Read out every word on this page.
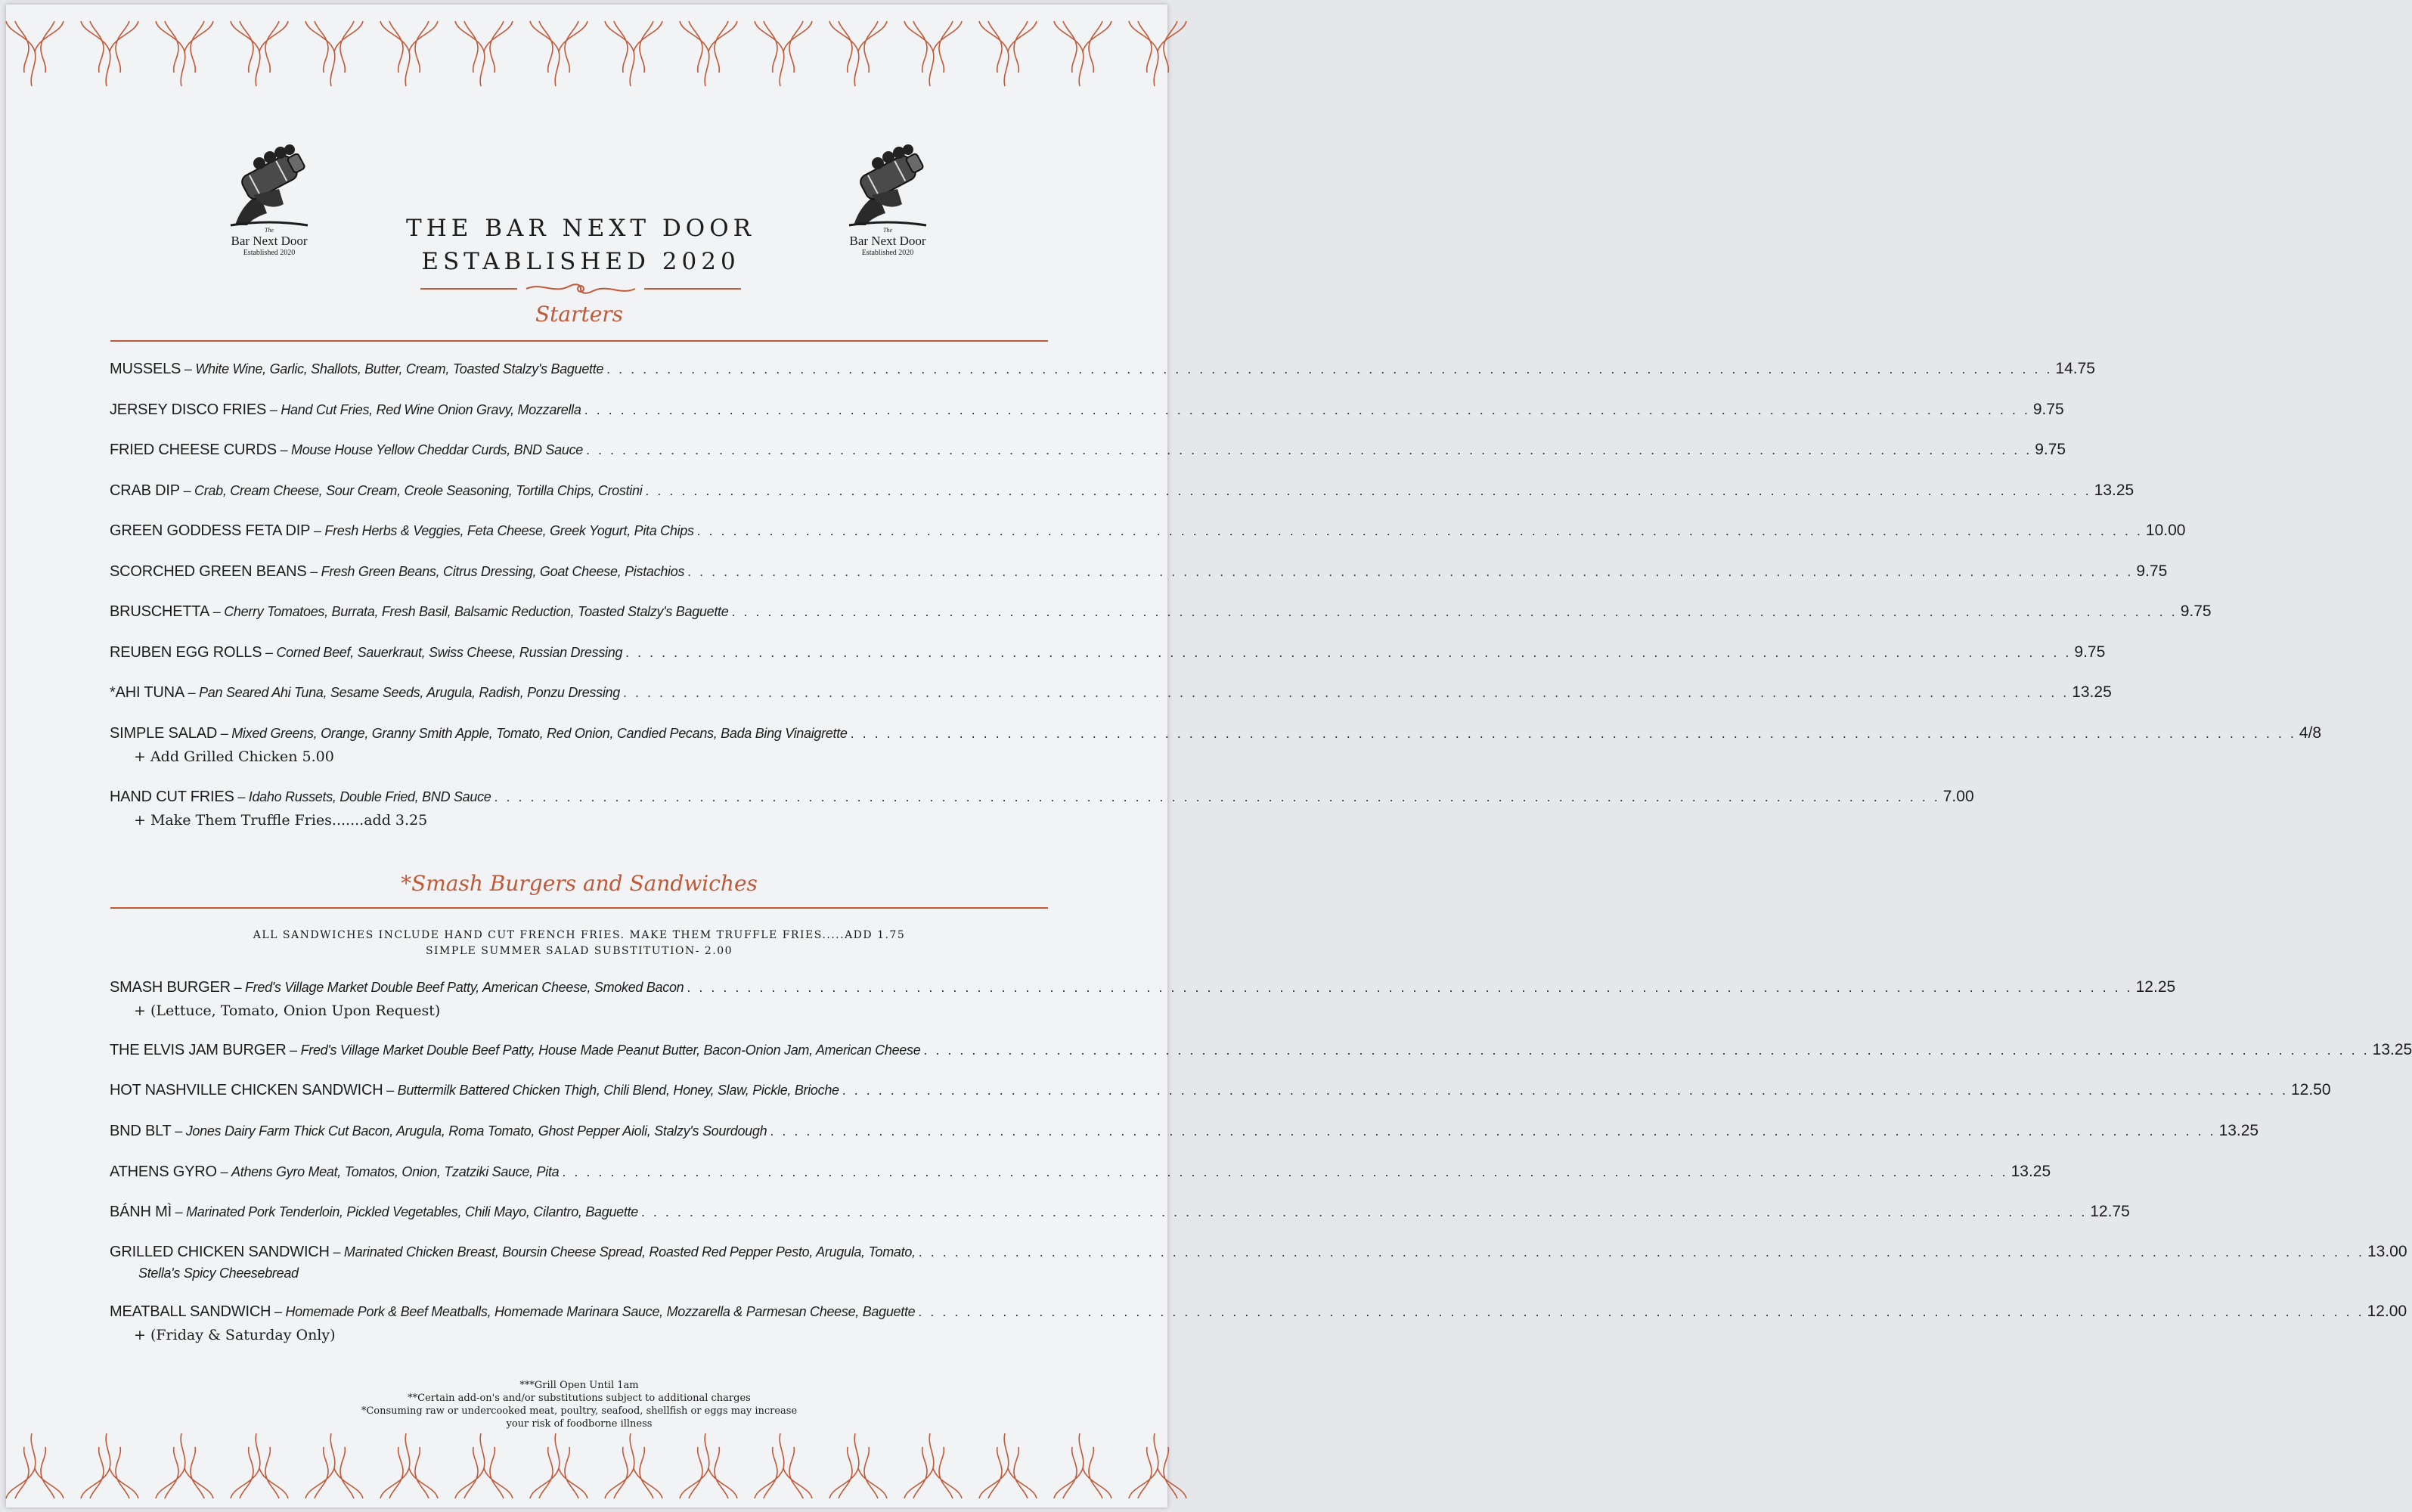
The
Bar Next Door
Established 2020
The
Bar Next Door
Established 2020
THE BAR NEXT DOOR
ESTABLISHED 2020
Starters
MUSSELS – White Wine, Garlic, Shallots, Butter, Cream, Toasted Stalzy's Baguette . . . . . . . . . . . . . . . . . . . . . . . . . . . . . . . . . . . . . . . . . . . . . . . . . . . . . . . . . . . . . . . . . . . . . . . . . . . . . . . . . . . . . . . . . . . . . . . . . . . . . . . . . . . . . . . . . . . . . . . . 14.75
JERSEY DISCO FRIES – Hand Cut Fries, Red Wine Onion Gravy, Mozzarella . . . . . . . . . . . . . . . . . . . . . . . . . . . . . . . . . . . . . . . . . . . . . . . . . . . . . . . . . . . . . . . . . . . . . . . . . . . . . . . . . . . . . . . . . . . . . . . . . . . . . . . . . . . . . . . . . . . . . . . . 9.75
FRIED CHEESE CURDS – Mouse House Yellow Cheddar Curds, BND Sauce . . . . . . . . . . . . . . . . . . . . . . . . . . . . . . . . . . . . . . . . . . . . . . . . . . . . . . . . . . . . . . . . . . . . . . . . . . . . . . . . . . . . . . . . . . . . . . . . . . . . . . . . . . . . . . . . . . . . . . . . 9.75
CRAB DIP – Crab, Cream Cheese, Sour Cream, Creole Seasoning, Tortilla Chips, Crostini . . . . . . . . . . . . . . . . . . . . . . . . . . . . . . . . . . . . . . . . . . . . . . . . . . . . . . . . . . . . . . . . . . . . . . . . . . . . . . . . . . . . . . . . . . . . . . . . . . . . . . . . . . . . . . . . . . . . . . . . 13.25
GREEN GODDESS FETA DIP – Fresh Herbs & Veggies, Feta Cheese, Greek Yogurt, Pita Chips . . . . . . . . . . . . . . . . . . . . . . . . . . . . . . . . . . . . . . . . . . . . . . . . . . . . . . . . . . . . . . . . . . . . . . . . . . . . . . . . . . . . . . . . . . . . . . . . . . . . . . . . . . . . . . . . . . . . . . . . 10.00
SCORCHED GREEN BEANS – Fresh Green Beans, Citrus Dressing, Goat Cheese, Pistachios . . . . . . . . . . . . . . . . . . . . . . . . . . . . . . . . . . . . . . . . . . . . . . . . . . . . . . . . . . . . . . . . . . . . . . . . . . . . . . . . . . . . . . . . . . . . . . . . . . . . . . . . . . . . . . . . . . . . . . . . 9.75
BRUSCHETTA – Cherry Tomatoes, Burrata, Fresh Basil, Balsamic Reduction, Toasted Stalzy's Baguette . . . . . . . . . . . . . . . . . . . . . . . . . . . . . . . . . . . . . . . . . . . . . . . . . . . . . . . . . . . . . . . . . . . . . . . . . . . . . . . . . . . . . . . . . . . . . . . . . . . . . . . . . . . . . . . . . . . . . . . . 9.75
REUBEN EGG ROLLS – Corned Beef, Sauerkraut, Swiss Cheese, Russian Dressing . . . . . . . . . . . . . . . . . . . . . . . . . . . . . . . . . . . . . . . . . . . . . . . . . . . . . . . . . . . . . . . . . . . . . . . . . . . . . . . . . . . . . . . . . . . . . . . . . . . . . . . . . . . . . . . . . . . . . . . . 9.75
*AHI TUNA – Pan Seared Ahi Tuna, Sesame Seeds, Arugula, Radish, Ponzu Dressing . . . . . . . . . . . . . . . . . . . . . . . . . . . . . . . . . . . . . . . . . . . . . . . . . . . . . . . . . . . . . . . . . . . . . . . . . . . . . . . . . . . . . . . . . . . . . . . . . . . . . . . . . . . . . . . . . . . . . . . . 13.25
SIMPLE SALAD – Mixed Greens, Orange, Granny Smith Apple, Tomato, Red Onion, Candied Pecans, Bada Bing Vinaigrette . . . . . . . . . . . . . . . . . . . . . . . . . . . . . . . . . . . . . . . . . . . . . . . . . . . . . . . . . . . . . . . . . . . . . . . . . . . . . . . . . . . . . . . . . . . . . . . . . . . . . . . . . . . . . . . . . . . . . . . . 4/8
+ Add Grilled Chicken 5.00
HAND CUT FRIES – Idaho Russets, Double Fried, BND Sauce . . . . . . . . . . . . . . . . . . . . . . . . . . . . . . . . . . . . . . . . . . . . . . . . . . . . . . . . . . . . . . . . . . . . . . . . . . . . . . . . . . . . . . . . . . . . . . . . . . . . . . . . . . . . . . . . . . . . . . . . 7.00
+ Make Them Truffle Fries.......add 3.25
*Smash Burgers and Sandwiches
ALL SANDWICHES INCLUDE HAND CUT FRENCH FRIES. MAKE THEM TRUFFLE FRIES.....ADD 1.75
SIMPLE SUMMER SALAD SUBSTITUTION- 2.00
SMASH BURGER – Fred's Village Market Double Beef Patty, American Cheese, Smoked Bacon . . . . . . . . . . . . . . . . . . . . . . . . . . . . . . . . . . . . . . . . . . . . . . . . . . . . . . . . . . . . . . . . . . . . . . . . . . . . . . . . . . . . . . . . . . . . . . . . . . . . . . . . . . . . . . . . . . . . . . . . 12.25
+ (Lettuce, Tomato, Onion Upon Request)
THE ELVIS JAM BURGER – Fred's Village Market Double Beef Patty, House Made Peanut Butter, Bacon-Onion Jam, American Cheese . . . . . . . . . . . . . . . . . . . . . . . . . . . . . . . . . . . . . . . . . . . . . . . . . . . . . . . . . . . . . . . . . . . . . . . . . . . . . . . . . . . . . . . . . . . . . . . . . . . . . . . . . . . . . . . . . . . . . . . . 13.25
HOT NASHVILLE CHICKEN SANDWICH – Buttermilk Battered Chicken Thigh, Chili Blend, Honey, Slaw, Pickle, Brioche . . . . . . . . . . . . . . . . . . . . . . . . . . . . . . . . . . . . . . . . . . . . . . . . . . . . . . . . . . . . . . . . . . . . . . . . . . . . . . . . . . . . . . . . . . . . . . . . . . . . . . . . . . . . . . . . . . . . . . . . 12.50
BND BLT – Jones Dairy Farm Thick Cut Bacon, Arugula, Roma Tomato, Ghost Pepper Aioli, Stalzy's Sourdough . . . . . . . . . . . . . . . . . . . . . . . . . . . . . . . . . . . . . . . . . . . . . . . . . . . . . . . . . . . . . . . . . . . . . . . . . . . . . . . . . . . . . . . . . . . . . . . . . . . . . . . . . . . . . . . . . . . . . . . . 13.25
ATHENS GYRO – Athens Gyro Meat, Tomatos, Onion, Tzatziki Sauce, Pita . . . . . . . . . . . . . . . . . . . . . . . . . . . . . . . . . . . . . . . . . . . . . . . . . . . . . . . . . . . . . . . . . . . . . . . . . . . . . . . . . . . . . . . . . . . . . . . . . . . . . . . . . . . . . . . . . . . . . . . . 13.25
BÁNH MÌ – Marinated Pork Tenderloin, Pickled Vegetables, Chili Mayo, Cilantro, Baguette . . . . . . . . . . . . . . . . . . . . . . . . . . . . . . . . . . . . . . . . . . . . . . . . . . . . . . . . . . . . . . . . . . . . . . . . . . . . . . . . . . . . . . . . . . . . . . . . . . . . . . . . . . . . . . . . . . . . . . . . 12.75
GRILLED CHICKEN SANDWICH – Marinated Chicken Breast, Boursin Cheese Spread, Roasted Red Pepper Pesto, Arugula, Tomato, . . . . . . . . . . . . . . . . . . . . . . . . . . . . . . . . . . . . . . . . . . . . . . . . . . . . . . . . . . . . . . . . . . . . . . . . . . . . . . . . . . . . . . . . . . . . . . . . . . . . . . . . . . . . . . . . . . . . . . . . 13.00
Stella's Spicy Cheesebread
MEATBALL SANDWICH – Homemade Pork & Beef Meatballs, Homemade Marinara Sauce, Mozzarella & Parmesan Cheese, Baguette . . . . . . . . . . . . . . . . . . . . . . . . . . . . . . . . . . . . . . . . . . . . . . . . . . . . . . . . . . . . . . . . . . . . . . . . . . . . . . . . . . . . . . . . . . . . . . . . . . . . . . . . . . . . . . . . . . . . . . . . 12.00
+ (Friday & Saturday Only)
***Grill Open Until 1am
**Certain add-on's and/or substitutions subject to additional charges
*Consuming raw or undercooked meat, poultry, seafood, shellfish or eggs may increase
your risk of foodborne illness
